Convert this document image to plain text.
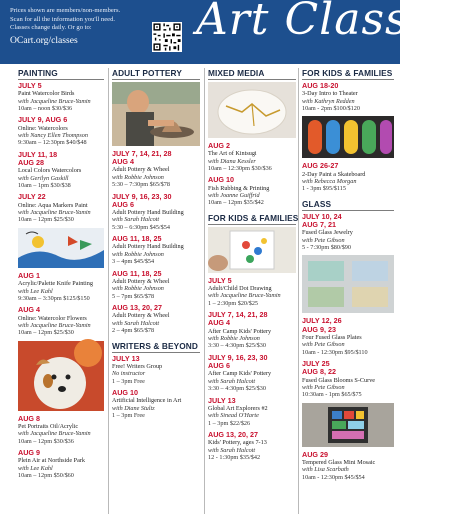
Prices shown are members/non-members.
Scan for all the information you'll need.
Classes change daily. Or go to:
OCart.org/classes	Art Classes
PAINTING
JULY 5
Paint Watercolor Birds
with Jacqueline Bruce-Yamin
10am – noon $30/$36
JULY 9, AUG 6
Online: Watercolors
with Nancy Ellen Thompson
9:30am – 12:30pm $40/$48
JULY 11, 18
AUG 28
Local Colors Watercolors
with Gerilyn Gaskill
10am – 1pm $30/$38
JULY 22
Online: Aqua Markers Paint
with Jacqueline Bruce-Yamin
10am – 12pm $25/$30
AUG 1
Acrylic/Palette Knife Painting
with Lee Kahl
9:30am – 3:30pm $125/$150
AUG 4
Online: Watercolor Flowers
with Jacqueline Bruce-Yamin
10am – 12pm $25/$30
AUG 8
Pet Portraits Oil/Acrylic
with Jacqueline Bruce-Yamin
10am – 12pm $30/$36
AUG 9
Plein Air at Northside Park
with Lee Kahl
10am – 12pm $50/$60
ADULT POTTERY
JULY 7, 14, 21, 28
AUG 4
Adult Pottery & Wheel
with Robbie Johnson
5:30 – 7:30pm $65/$78
JULY 9, 16, 23, 30
AUG 6
Adult Pottery Hand Building
with Sarah Halcott
5:30 – 6:30pm $45/$54
AUG 11, 18, 25
Adult Pottery Hand Building
with Robbie Johnson
3 – 4pm $45/$54
AUG 11, 18, 25
Adult Pottery & Wheel
with Robbie Johnson
5 – 7pm $65/$78
AUG 13, 20, 27
Adult Pottery & Wheel
with Sarah Halcott
2 – 4pm $65/$78
WRITERS & BEYOND
JULY 13
Free! Writers Group
No instructor
1 – 3pm Free
AUG 10
Artificial Intelligence in Art
with Diane Stultz
1 – 3pm Free
MIXED MEDIA
AUG 2
The Art of Kintsugi
with Diana Kessler
10am – 12:30pm $30/$36
AUG 10
Fish Rubbing & Printing
with Joanne Guiffrid
10am – 12pm $35/$42
FOR KIDS & FAMILIES
JULY 5
Adult/Child Dot Drawing
with Jacqueline Bruce-Yamin
1 – 2:30pm $20/$25
JULY 7, 14, 21, 28
AUG 4
After Camp Kids' Pottery
with Robbie Johnson
3:30 – 4:30pm $25/$30
JULY 9, 16, 23, 30
AUG 6
After Camp Kids' Pottery
with Sarah Halcott
3:30 – 4:30pm $25/$30
JULY 13
Global Art Explorers #2
with Sinead O'Harte
1 – 3pm $22/$26
AUG 13, 20, 27
Kids' Pottery, ages 7-13
with Sarah Halcott
12 - 1:30pm $35/$42
FOR KIDS & FAMILIES
AUG 18-20
3-Day Intro to Theater
with Kathryn Redden
10am - 2pm $100/$120
AUG 26-27
2-Day Paint a Skateboard
with Rebecca Morgan
1 - 3pm $95/$115
GLASS
JULY 10, 24
AUG 7, 21
Fused Glass Jewelry
with Pete Gibson
5 - 7:30pm $80/$90
JULY 12, 26
AUG 9, 23
Four Fused Glass Plates
with Pete Gibson
10am - 12:30pm $95/$110
JULY 25
AUG 8, 22
Fused Glass Blooms S-Curve
with Pete Gibson
10:30am - 1pm $65/$75
AUG 29
Tempered Glass Mini Mosaic
with Lisa Scarbath
10am - 12:30pm $45/$54
